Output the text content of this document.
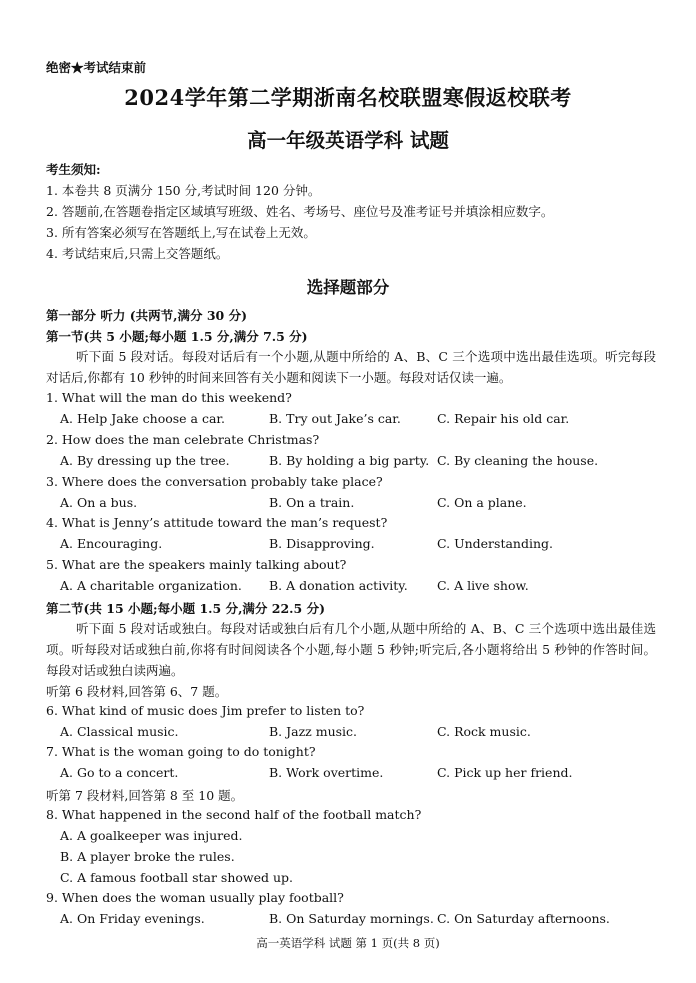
绝密★考试结束前
2024学年第二学期浙南名校联盟寒假返校联考
高一年级英语学科 试题
考生须知:
1. 本卷共 8 页满分 150 分,考试时间 120 分钟。
2. 答题前,在答题卷指定区域填写班级、姓名、考场号、座位号及准考证号并填涂相应数字。
3. 所有答案必须写在答题纸上,写在试卷上无效。
4. 考试结束后,只需上交答题纸。
选择题部分
第一部分 听力 (共两节,满分 30 分)
第一节(共 5 小题;每小题 1.5 分,满分 7.5 分)
听下面 5 段对话。每段对话后有一个小题,从题中所给的 A、B、C 三个选项中选出最佳选项。听完每段对话后,你都有 10 秒钟的时间来回答有关小题和阅读下一小题。每段对话仅读一遍。
1. What will the man do this weekend?
A. Help Jake choose a car.	B. Try out Jake’s car.	C. Repair his old car.
2. How does the man celebrate Christmas?
A. By dressing up the tree.	B. By holding a big party. C. By cleaning the house.
3. Where does the conversation probably take place?
A. On a bus.	B. On a train.	C. On a plane.
4. What is Jenny’s attitude toward the man’s request?
A. Encouraging.	B. Disapproving.	C. Understanding.
5. What are the speakers mainly talking about?
A. A charitable organization. B. A donation activity. C. A live show.
第二节(共 15 小题;每小题 1.5 分,满分 22.5 分)
听下面 5 段对话或独白。每段对话或独白后有几个小题,从题中所给的 A、B、C 三个选项中选出最佳选项。听每段对话或独白前,你将有时间阅读各个小题,每小题 5 秒钟;听完后,各小题将给出 5 秒钟的作答时间。每段对话或独白读两遍。
听第 6 段材料,回答第 6、7 题。
6. What kind of music does Jim prefer to listen to?
A. Classical music.	B. Jazz music.	C. Rock music.
7. What is the woman going to do tonight?
A. Go to a concert.	B. Work overtime.	C. Pick up her friend.
听第 7 段材料,回答第 8 至 10 题。
8. What happened in the second half of the football match?
A. A goalkeeper was injured.
B. A player broke the rules.
C. A famous football star showed up.
9. When does the woman usually play football?
A. On Friday evenings.	B. On Saturday mornings. C. On Saturday afternoons.
高一英语学科 试题 第 1 页(共 8 页)
